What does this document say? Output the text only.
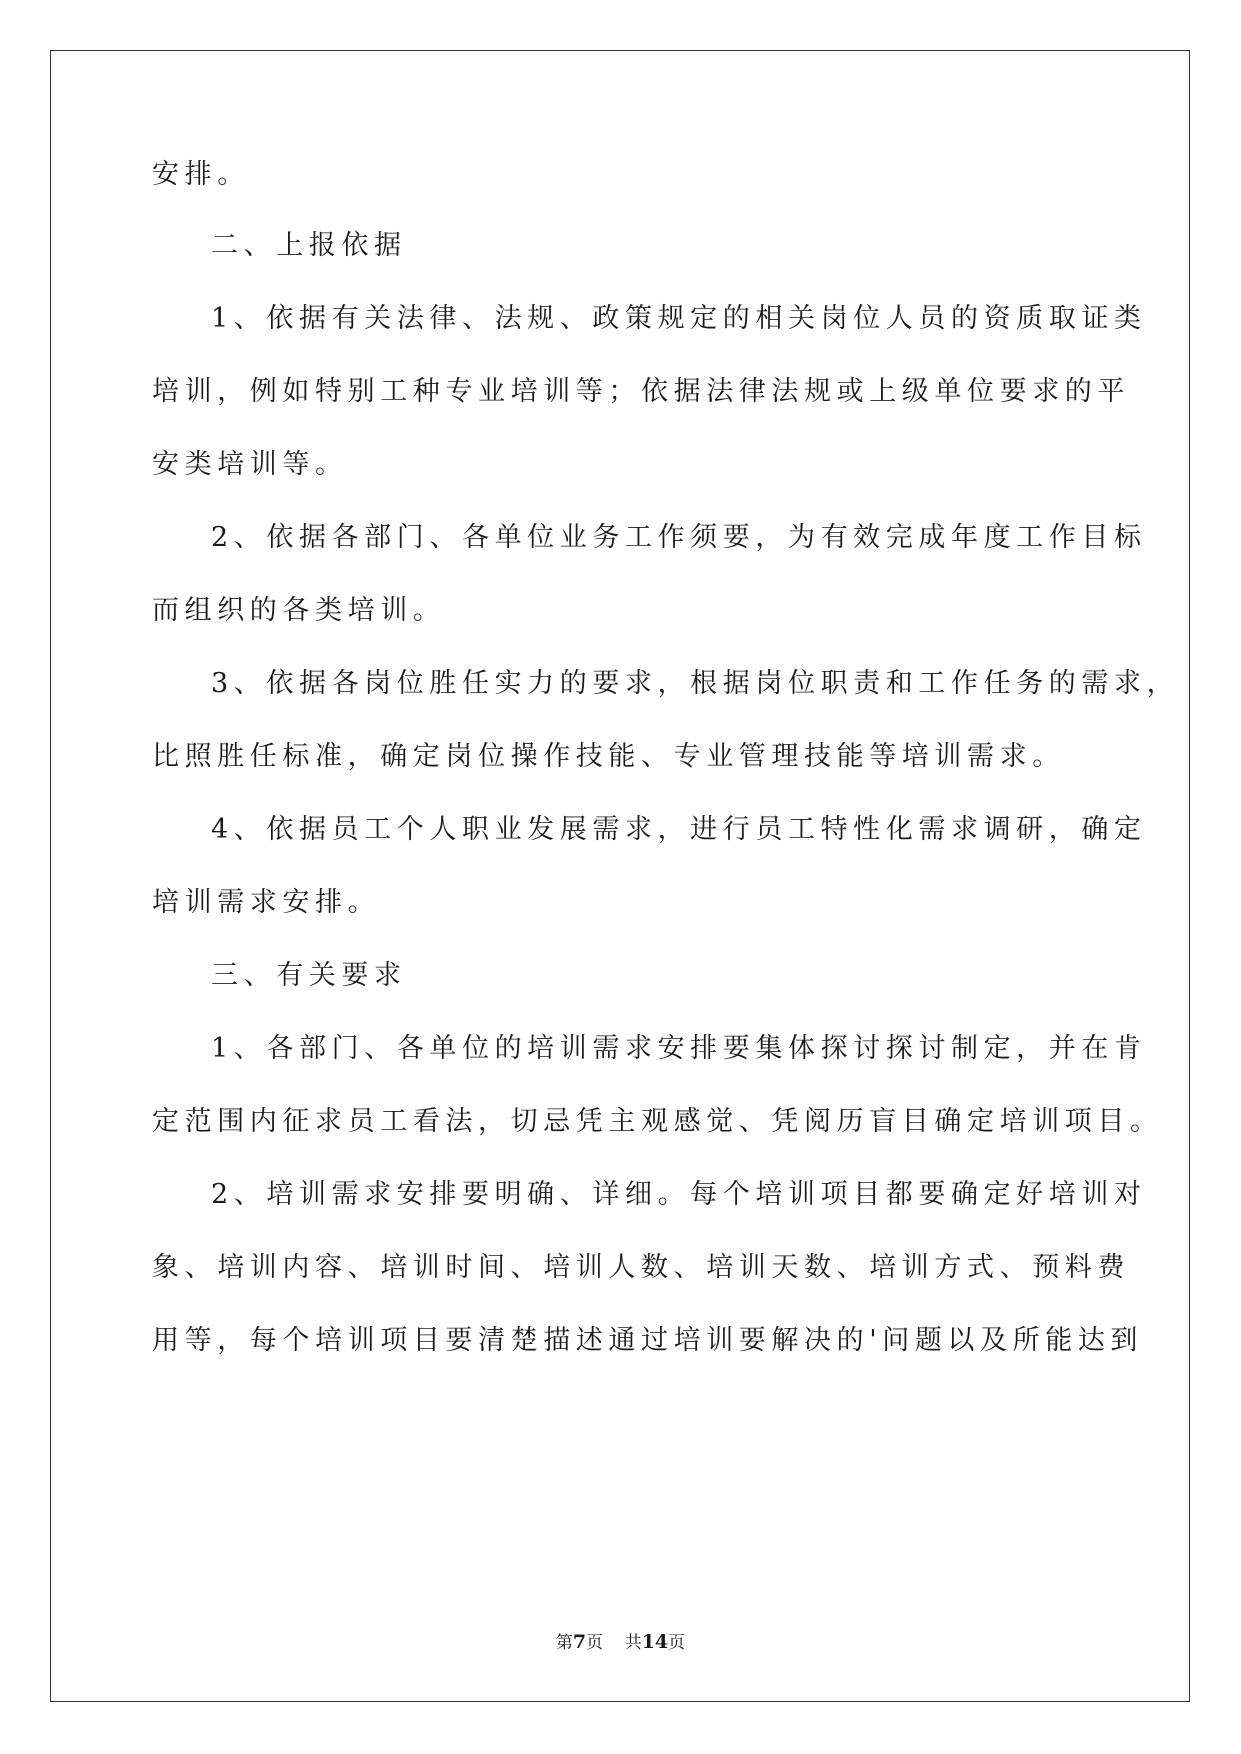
安排。

二、上报依据

1、依据有关法律、法规、政策规定的相关岗位人员的资质取证类

培训，例如特别工种专业培训等；依据法律法规或上级单位要求的平

安类培训等。

2、依据各部门、各单位业务工作须要，为有效完成年度工作目标

而组织的各类培训。

3、依据各岗位胜任实力的要求，根据岗位职责和工作任务的需求，

比照胜任标准，确定岗位操作技能、专业管理技能等培训需求。

4、依据员工个人职业发展需求，进行员工特性化需求调研，确定

培训需求安排。

三、有关要求

1、各部门、各单位的培训需求安排要集体探讨探讨制定，并在肯

定范围内征求员工看法，切忌凭主观感觉、凭阅历盲目确定培训项目。

2、培训需求安排要明确、详细。每个培训项目都要确定好培训对

象、培训内容、培训时间、培训人数、培训天数、培训方式、预料费

用等，每个培训项目要清楚描述通过培训要解决的'问题以及所能达到

第7页 共14页
